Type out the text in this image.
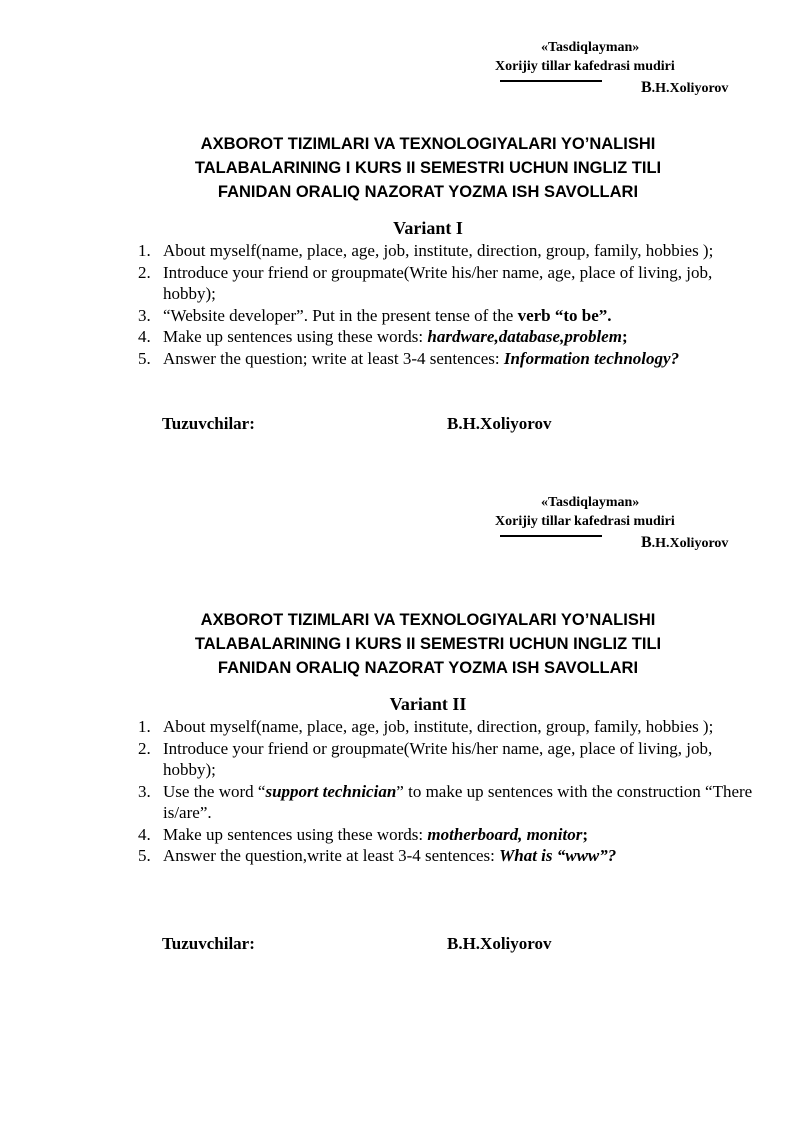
«Tasdiqlayman»
Xorijiy tillar kafedrasi mudiri
B.H.Xoliyorov
AXBOROT TIZIMLARI VA TEXNOLOGIYALARI YO’NALISHI
TALABALARINING I KURS II SEMESTRI UCHUN INGLIZ TILI
FANIDAN ORALIQ NAZORAT YOZMA ISH SAVOLLARI
Variant I
1. About myself(name, place, age, job, institute, direction, group, family, hobbies );
2. Introduce your friend or groupmate(Write his/her name, age, place of living, job, hobby);
3. “Website developer”. Put in the present tense of the verb “to be”.
4. Make up sentences using these words: hardware,database,problem;
5. Answer the question; write at least 3-4 sentences: Information technology?
Tuzuvchilar:	B.H.Xoliyorov
«Tasdiqlayman»
Xorijiy tillar kafedrasi mudiri
B.H.Xoliyorov
AXBOROT TIZIMLARI VA TEXNOLOGIYALARI YO’NALISHI
TALABALARINING I KURS II SEMESTRI UCHUN INGLIZ TILI
FANIDAN ORALIQ NAZORAT YOZMA ISH SAVOLLARI
Variant II
1. About myself(name, place, age, job, institute, direction, group, family, hobbies );
2. Introduce your friend or groupmate(Write his/her name, age, place of living, job, hobby);
3. Use the word “support technician” to make up sentences with the construction “There is/are”.
4. Make up sentences using these words: motherboard, monitor;
5. Answer the question,write at least 3-4 sentences: What is “www”?
Tuzuvchilar:	B.H.Xoliyorov
